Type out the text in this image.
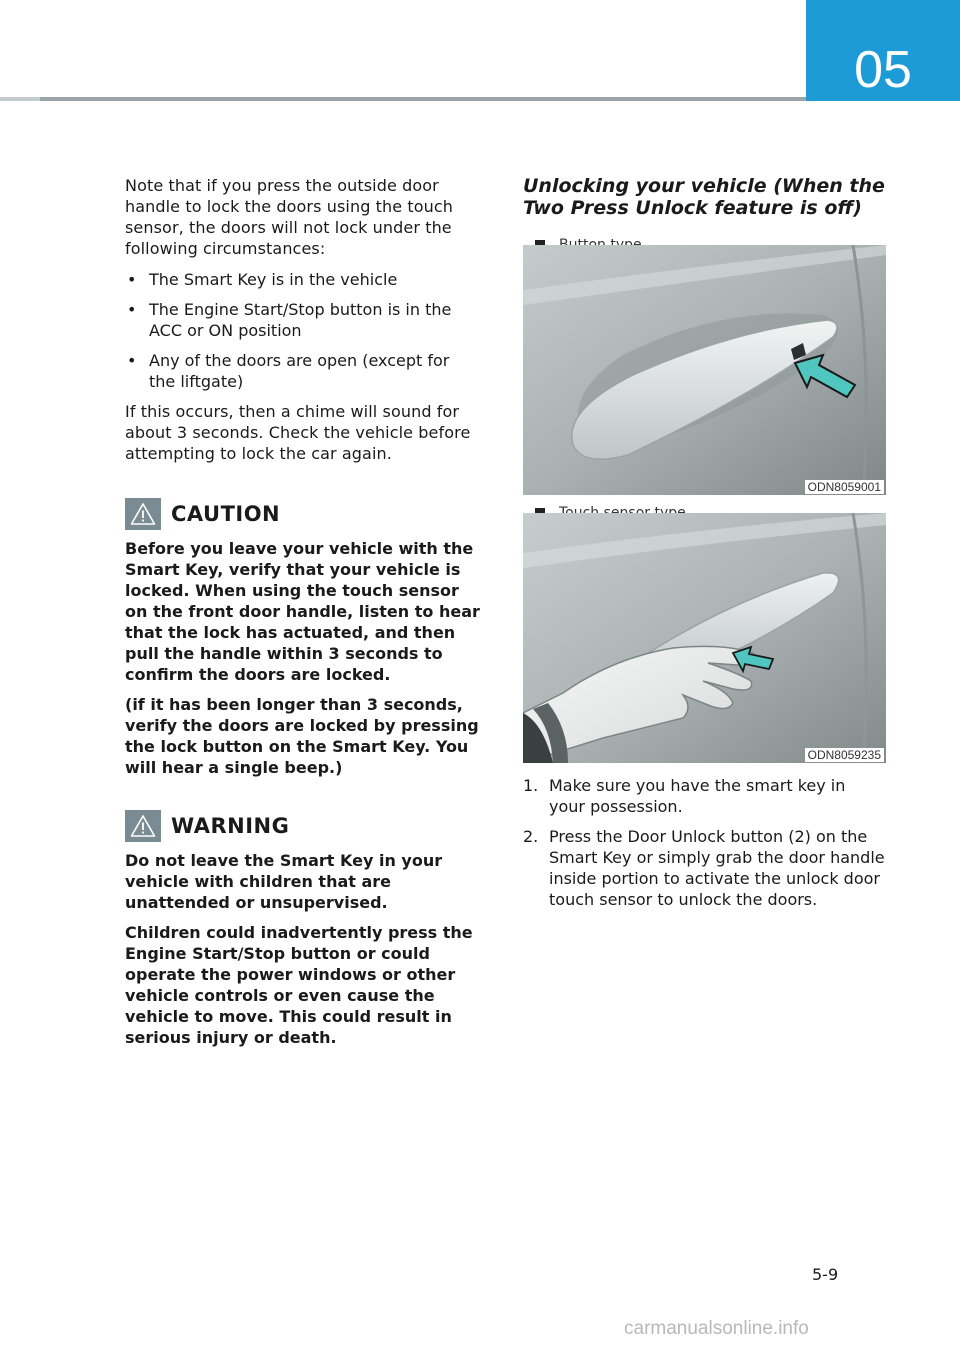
05

Note that if you press the outside door handle to lock the doors using the touch sensor, the doors will not lock under the following circumstances:

• The Smart Key is in the vehicle
• The Engine Start/Stop button is in the ACC or ON position
• Any of the doors are open (except for the liftgate)

If this occurs, then a chime will sound for about 3 seconds. Check the vehicle before attempting to lock the car again.

CAUTION

Before you leave your vehicle with the Smart Key, verify that your vehicle is locked. When using the touch sensor on the front door handle, listen to hear that the lock has actuated, and then pull the handle within 3 seconds to confirm the doors are locked.

(if it has been longer than 3 seconds, verify the doors are locked by pressing the lock button on the Smart Key. You will hear a single beep.)

WARNING

Do not leave the Smart Key in your vehicle with children that are unattended or unsupervised.

Children could inadvertently press the Engine Start/Stop button or could operate the power windows or other vehicle controls or even cause the vehicle to move. This could result in serious injury or death.

Unlocking your vehicle (When the Two Press Unlock feature is off)
ODN8059001
ODN8059235
1. Make sure you have the smart key in your possession.
2. Press the Door Unlock button (2) on the Smart Key or simply grab the door handle inside portion to activate the unlock door touch sensor to unlock the doors.
5-9
carmanualsonline.info
